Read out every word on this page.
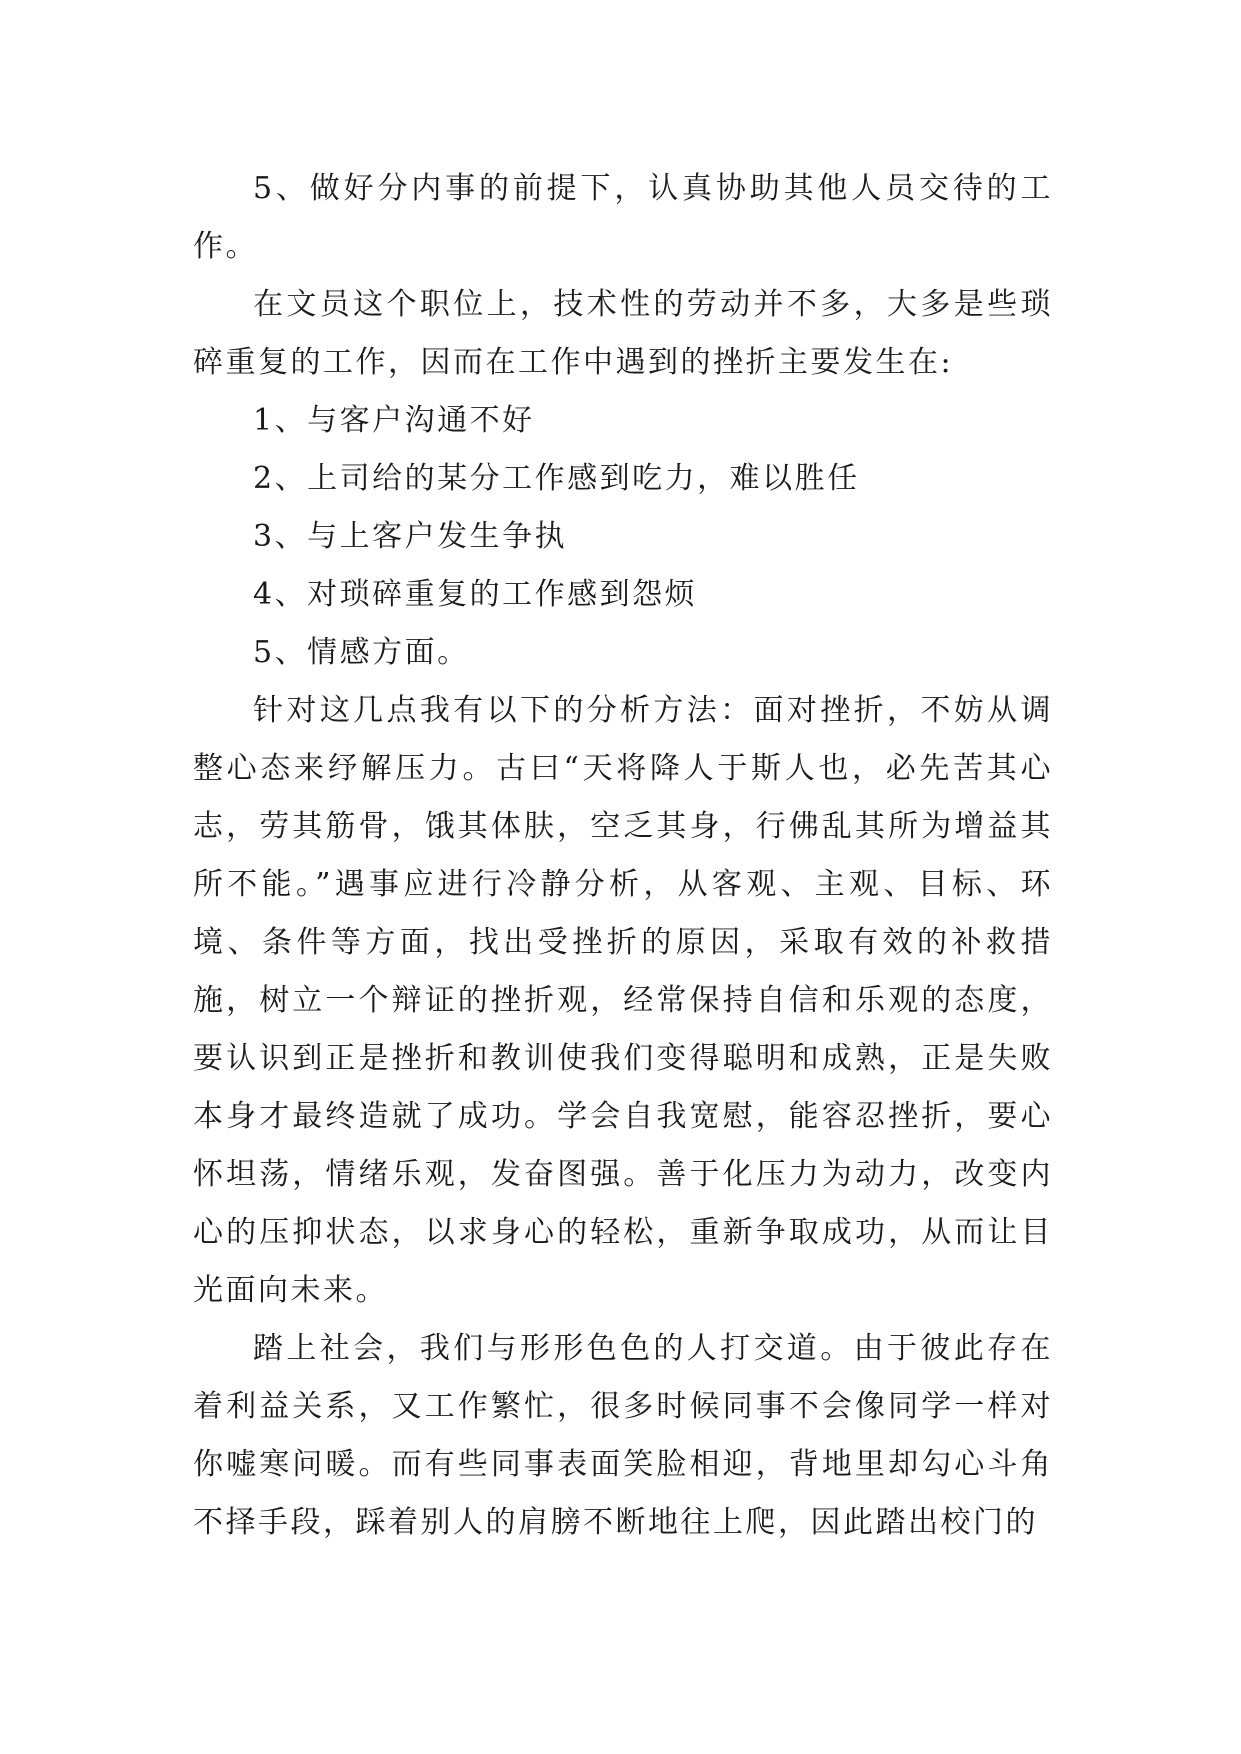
5、做好分内事的前提下，认真协助其他人员交待的工作。

在文员这个职位上，技术性的劳动并不多，大多是些琐碎重复的工作，因而在工作中遇到的挫折主要发生在:

1、与客户沟通不好

2、上司给的某分工作感到吃力，难以胜任

3、与上客户发生争执

4、对琐碎重复的工作感到怨烦

5、情感方面。

针对这几点我有以下的分析方法：面对挫折，不妨从调整心态来纾解压力。古曰“天将降人于斯人也，必先苦其心志，劳其筋骨，饿其体肤，空乏其身，行佛乱其所为增益其所不能。”遇事应进行冷静分析，从客观、主观、目标、环境、条件等方面，找出受挫折的原因，采取有效的补救措施，树立一个辩证的挫折观，经常保持自信和乐观的态度，要认识到正是挫折和教训使我们变得聪明和成熟，正是失败本身才最终造就了成功。学会自我宽慰，能容忍挫折，要心怀坦荡，情绪乐观，发奋图强。善于化压力为动力，改变内心的压抑状态，以求身心的轻松，重新争取成功，从而让目光面向未来。

踏上社会，我们与形形色色的人打交道。由于彼此存在着利益关系，又工作繁忙，很多时候同事不会像同学一样对你嘘寒问暖。而有些同事表面笑脸相迎，背地里却勾心斗角不择手段，踩着别人的肩膀不断地往上爬，因此踏出校门的
